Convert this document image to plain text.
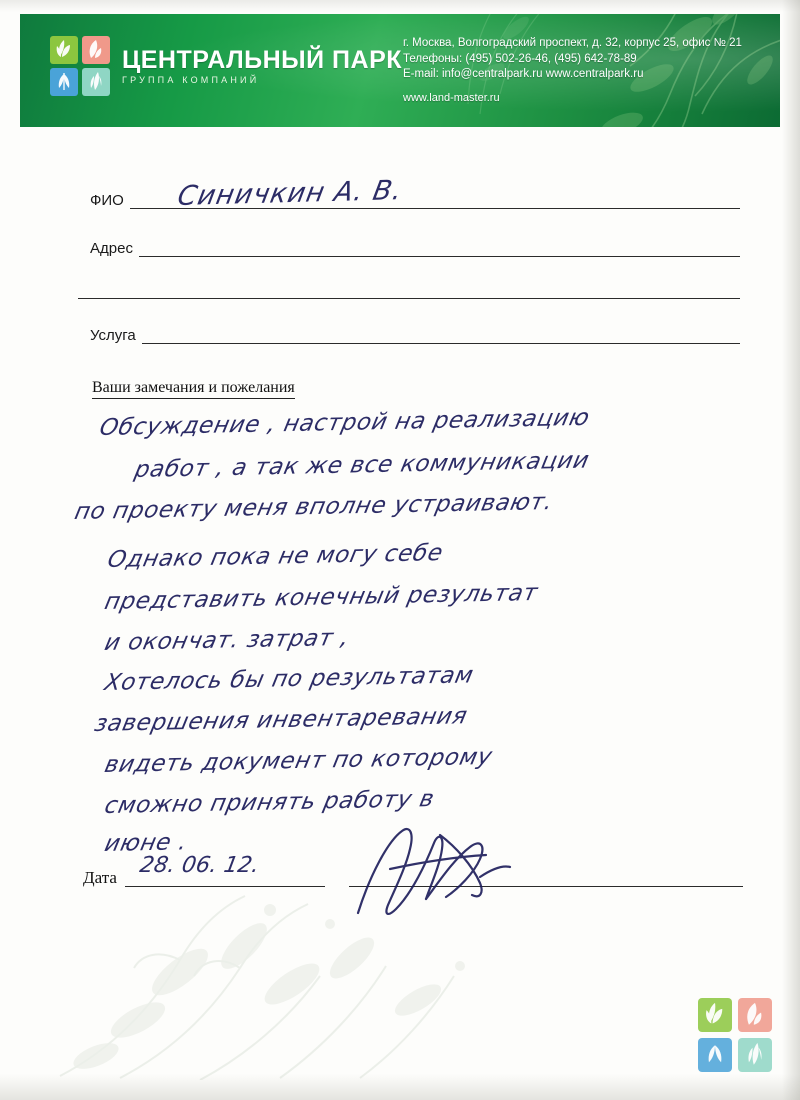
ЦЕНТРАЛЬНЫЙ ПАРК
ГРУППА КОМПАНИЙ
г. Москва, Волгоградский проспект, д. 32, корпус 25, офис № 21
Телефоны: (495) 502-26-46, (495) 642-78-89
E-mail: info@centralpark.ru www.centralpark.ru
www.land-master.ru
ФИО Синичкин А. В.
Адрес
Услуга
Ваши замечания и пожелания
Обсуждение , настрой на реализацию
работ , а так же все коммуникации
по проекту меня вполне устраивают.
Однако пока не могу себе
представить конечный результат
и окончат. затрат ,
Хотелось бы по результатам
завершения инвентаревания
видеть документ по которому
сможно принять работу в
июне .
Дата 28. 06. 12.
